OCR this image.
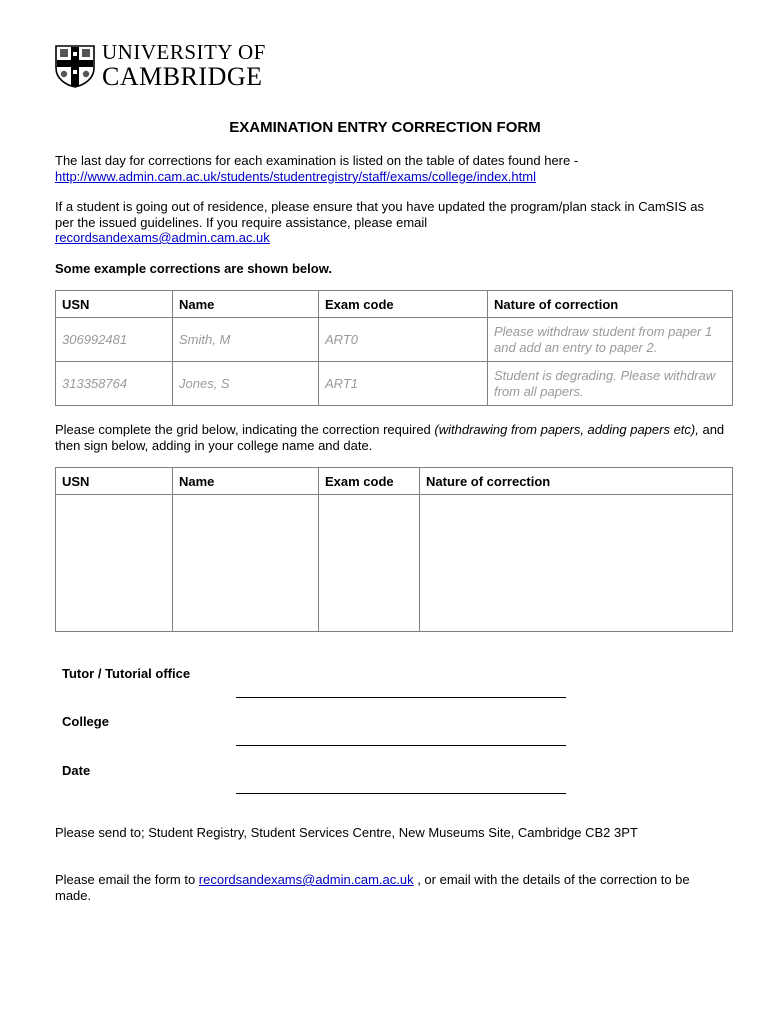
UNIVERSITY OF
CAMBRIDGE
EXAMINATION ENTRY CORRECTION FORM
The last day for corrections for each examination is listed on the table of dates found here -
http://www.admin.cam.ac.uk/students/studentregistry/staff/exams/college/index.html
If a student is going out of residence, please ensure that you have updated the program/plan stack in CamSIS as per the issued guidelines. If you require assistance, please email
recordsandexams@admin.cam.ac.uk
Some example corrections are shown below.
USN	Name	Exam code	Nature of correction
306992481	Smith, M	ART0	Please withdraw student from paper 1 and add an entry to paper 2.
313358764	Jones, S	ART1	Student is degrading. Please withdraw from all papers.
Please complete the grid below, indicating the correction required (withdrawing from papers, adding papers etc), and then sign below, adding in your college name and date.
USN	Name	Exam code	Nature of correction

Tutor / Tutorial office
College
Date
Please send to; Student Registry, Student Services Centre, New Museums Site, Cambridge CB2 3PT
Please email the form to recordsandexams@admin.cam.ac.uk , or email with the details of the correction to be made.
